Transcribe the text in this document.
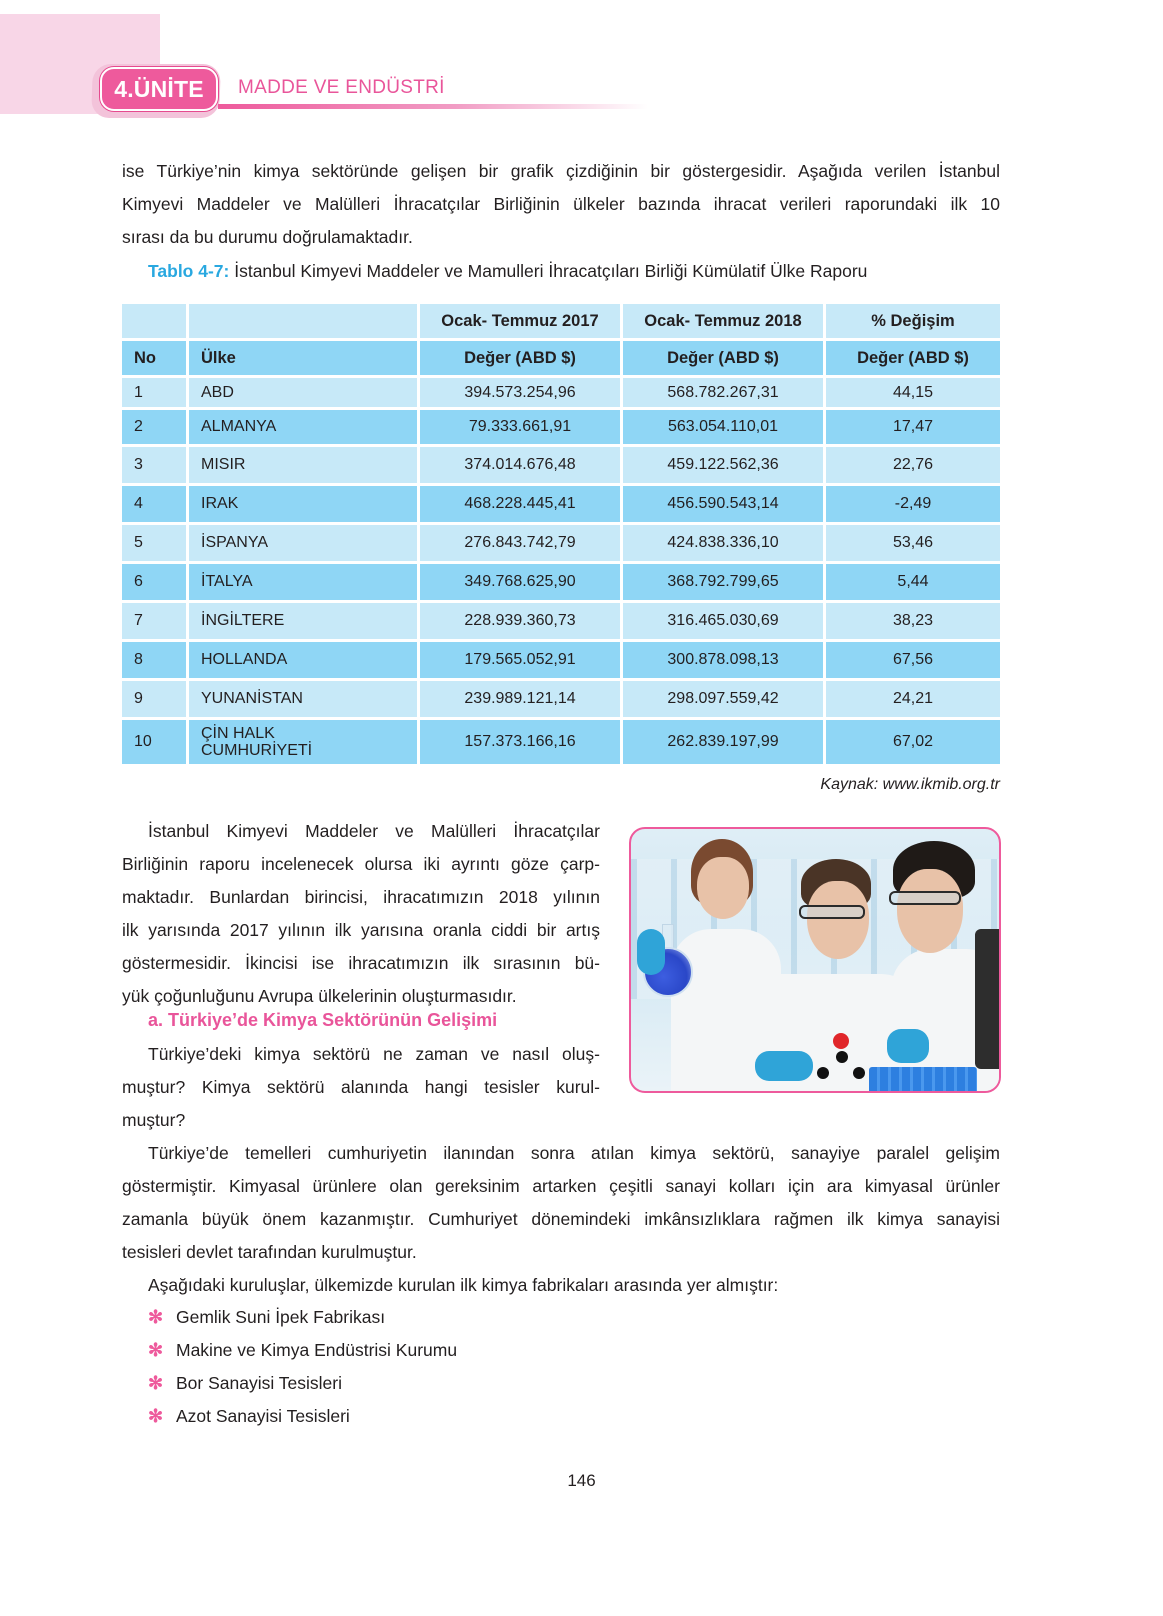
4.ÜNİTE MADDE VE ENDÜSTRİ
ise Türkiye’nin kimya sektöründe gelişen bir grafik çizdiğinin bir göstergesidir. Aşağıda verilen İstanbul
Kimyevi Maddeler ve Malülleri İhracatçılar Birliğinin ülkeler bazında ihracat verileri raporundaki ilk 10
sırası da bu durumu doğrulamaktadır.
Tablo 4-7: İstanbul Kimyevi Maddeler ve Mamulleri İhracatçıları Birliği Kümülatif Ülke Raporu
		Ocak- Temmuz 2017	Ocak- Temmuz 2018	% Değişim
No	Ülke	Değer (ABD $)	Değer (ABD $)	Değer (ABD $)
1	ABD	394.573.254,96	568.782.267,31	44,15
2	ALMANYA	79.333.661,91	563.054.110,01	17,47
3	MISIR	374.014.676,48	459.122.562,36	22,76
4	IRAK	468.228.445,41	456.590.543,14	-2,49
5	İSPANYA	276.843.742,79	424.838.336,10	53,46
6	İTALYA	349.768.625,90	368.792.799,65	5,44
7	İNGİLTERE	228.939.360,73	316.465.030,69	38,23
8	HOLLANDA	179.565.052,91	300.878.098,13	67,56
9	YUNANİSTAN	239.989.121,14	298.097.559,42	24,21
10	ÇİN HALK
CUMHURİYETİ	157.373.166,16	262.839.197,99	67,02
Kaynak: www.ikmib.org.tr
İstanbul Kimyevi Maddeler ve Malülleri İhracatçılar
Birliğinin raporu incelenecek olursa iki ayrıntı göze çarp-
maktadır. Bunlardan birincisi, ihracatımızın 2018 yılının
ilk yarısında 2017 yılının ilk yarısına oranla ciddi bir artış
göstermesidir. İkincisi ise ihracatımızın ilk sırasının bü-
yük çoğunluğunu Avrupa ülkelerinin oluşturmasıdır.
a. Türkiye’de Kimya Sektörünün Gelişimi
Türkiye’deki kimya sektörü ne zaman ve nasıl oluş-
muştur? Kimya sektörü alanında hangi tesisler kurul-
muştur?
Türkiye’de temelleri cumhuriyetin ilanından sonra atılan kimya sektörü, sanayiye paralel gelişim
göstermiştir. Kimyasal ürünlere olan gereksinim artarken çeşitli sanayi kolları için ara kimyasal ürünler
zamanla büyük önem kazanmıştır. Cumhuriyet dönemindeki imkânsızlıklara rağmen ilk kimya sanayisi
tesisleri devlet tarafından kurulmuştur.
Aşağıdaki kuruluşlar, ülkemizde kurulan ilk kimya fabrikaları arasında yer almıştır:
✻ Gemlik Suni İpek Fabrikası
✻ Makine ve Kimya Endüstrisi Kurumu
✻ Bor Sanayisi Tesisleri
✻ Azot Sanayisi Tesisleri
146
